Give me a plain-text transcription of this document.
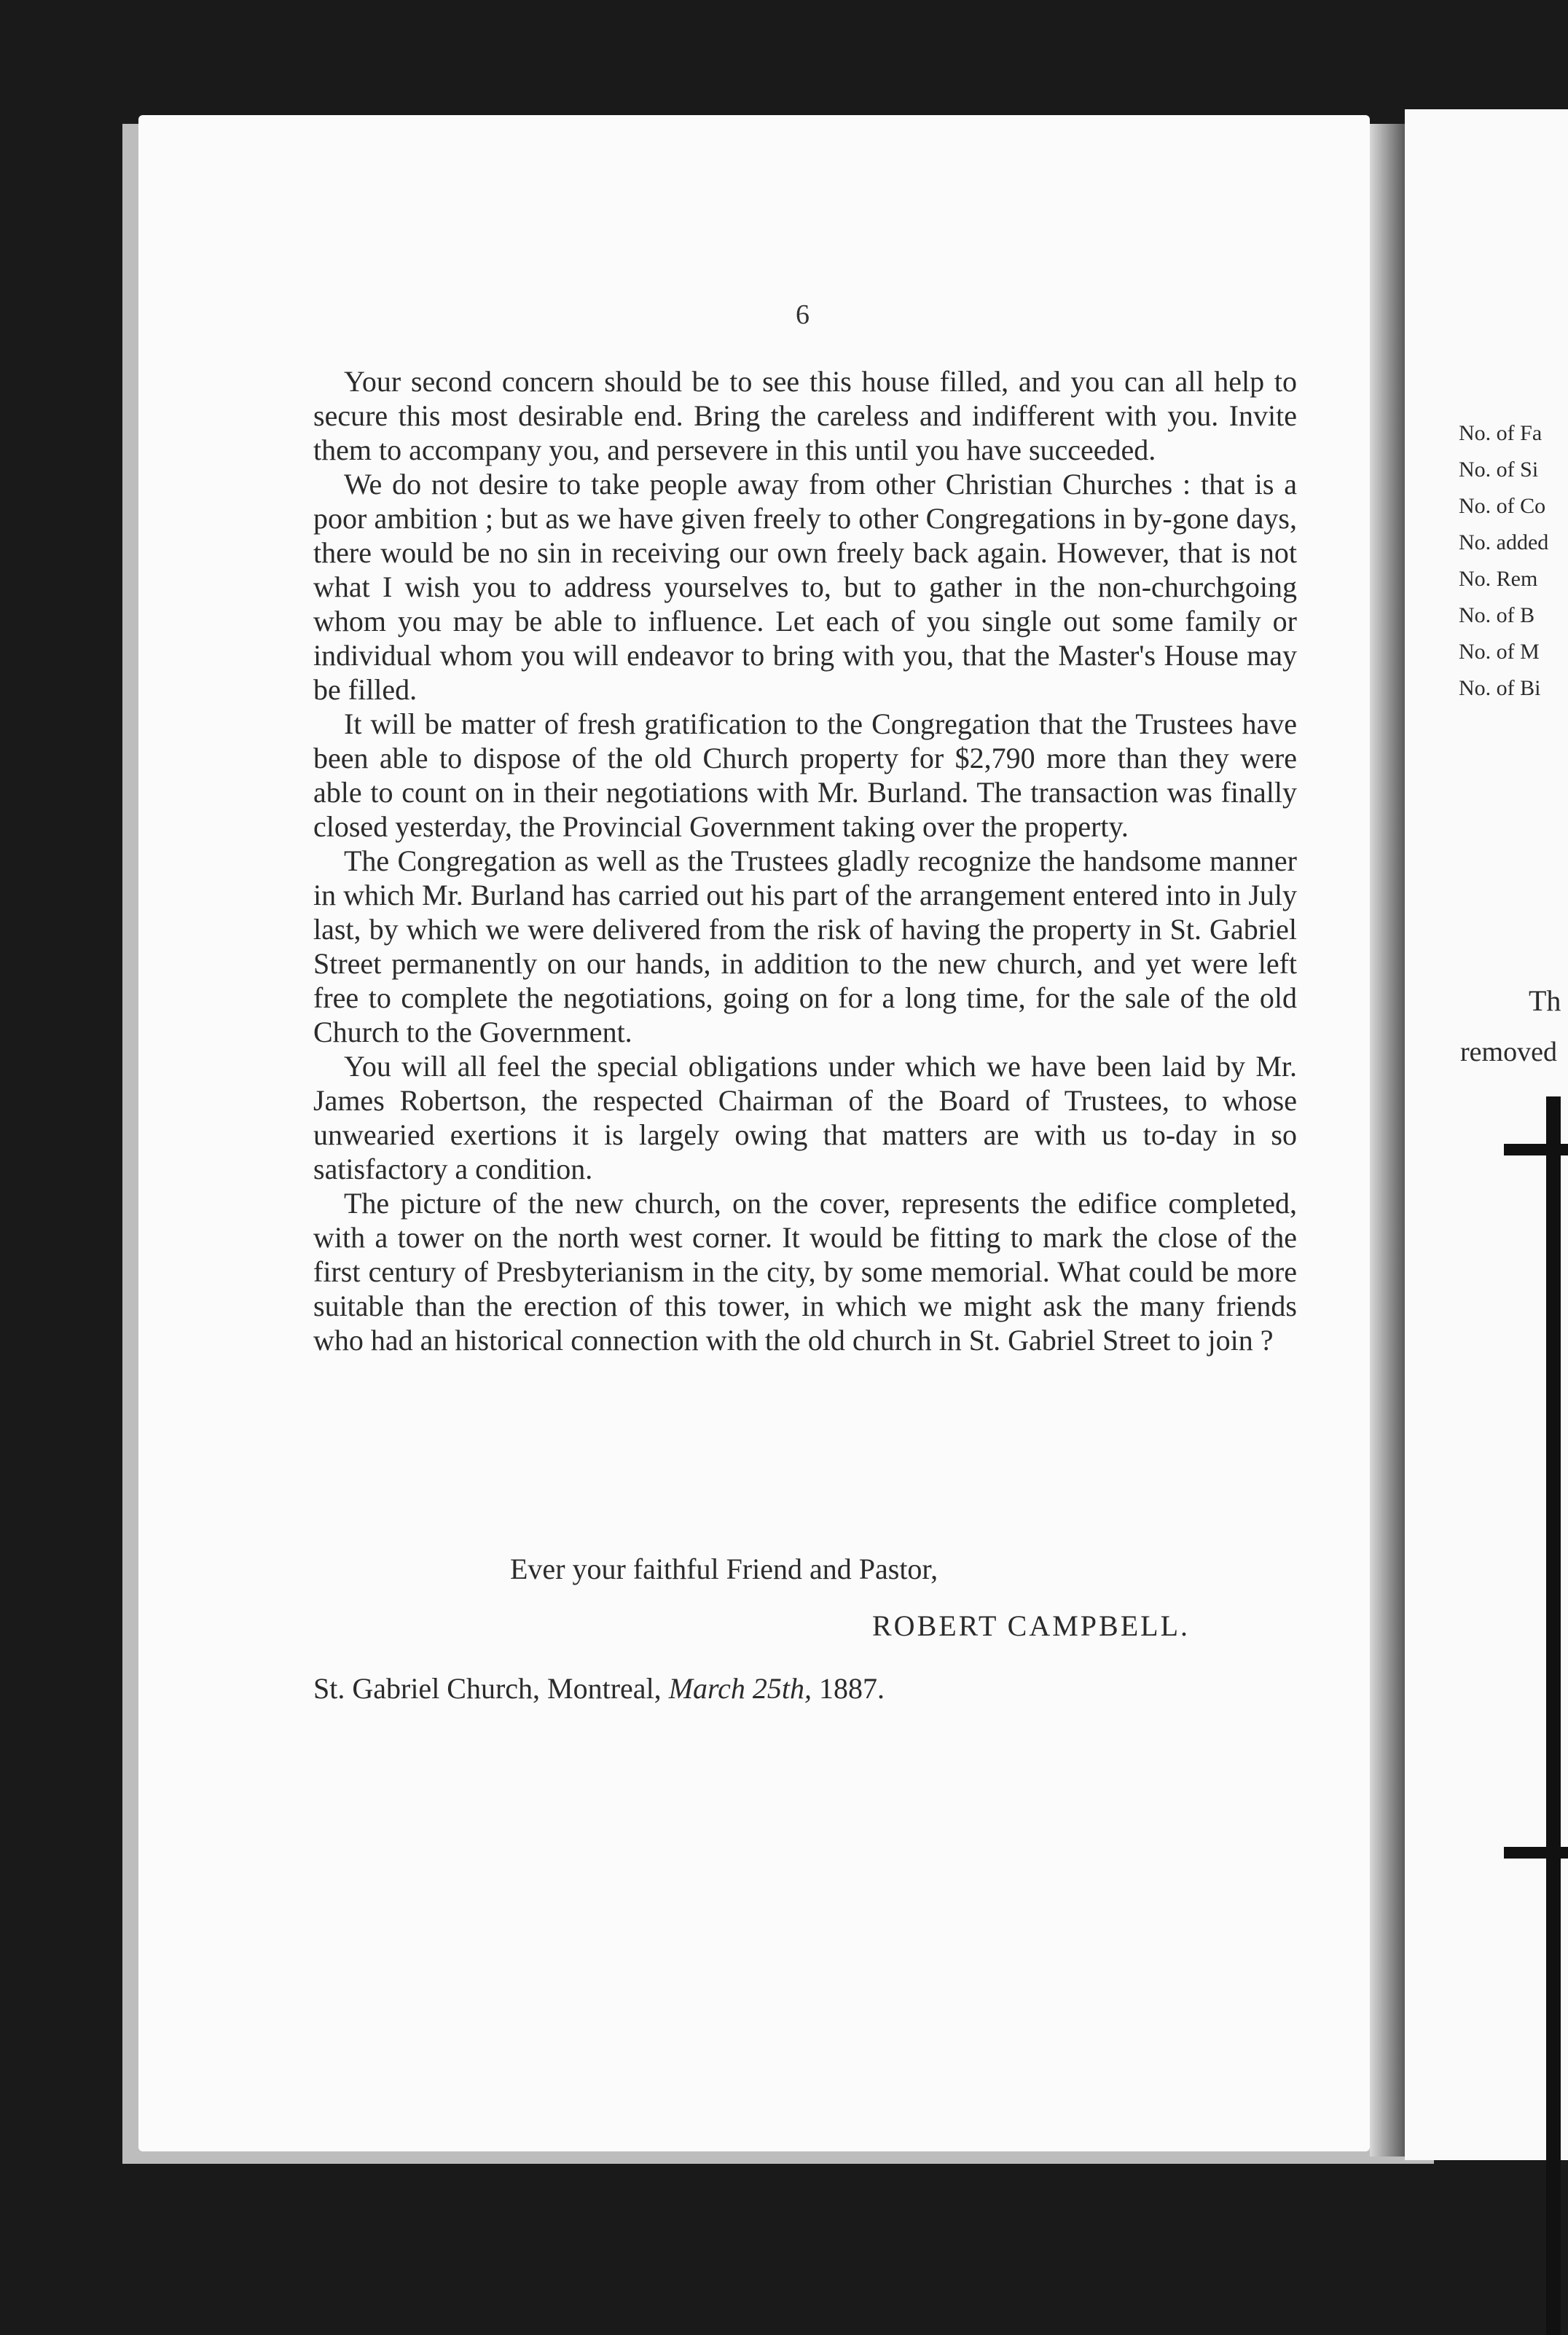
6

Your second concern should be to see this house filled, and you can all help to secure this most desirable end. Bring the careless and indifferent with you. Invite them to accompany you, and persevere in this until you have succeeded.

We do not desire to take people away from other Christian Churches : that is a poor ambition ; but as we have given freely to other Congregations in by-gone days, there would be no sin in receiving our own freely back again. However, that is not what I wish you to address yourselves to, but to gather in the non-churchgoing whom you may be able to influence. Let each of you single out some family or individual whom you will endeavor to bring with you, that the Master's House may be filled.

It will be matter of fresh gratification to the Congregation that the Trustees have been able to dispose of the old Church property for $2,790 more than they were able to count on in their negotiations with Mr. Burland. The transaction was finally closed yesterday, the Provincial Government taking over the property.

The Congregation as well as the Trustees gladly recognize the handsome manner in which Mr. Burland has carried out his part of the arrangement entered into in July last, by which we were delivered from the risk of having the property in St. Gabriel Street permanently on our hands, in addition to the new church, and yet were left free to complete the negotiations, going on for a long time, for the sale of the old Church to the Government.

You will all feel the special obligations under which we have been laid by Mr. James Robertson, the respected Chairman of the Board of Trustees, to whose unwearied exertions it is largely owing that matters are with us to-day in so satisfactory a condition.

The picture of the new church, on the cover, represents the edifice completed, with a tower on the north west corner. It would be fitting to mark the close of the first century of Presbyterianism in the city, by some memorial. What could be more suitable than the erection of this tower, in which we might ask the many friends who had an historical connection with the old church in St. Gabriel Street to join ?

Ever your faithful Friend and Pastor,
ROBERT CAMPBELL.
St. Gabriel Church, Montreal, March 25th, 1887.
No. of Fa
No. of Si
No. of Co
No. added
No. Rem
No. of B
No. of M
No. of Bi
Th
removed
